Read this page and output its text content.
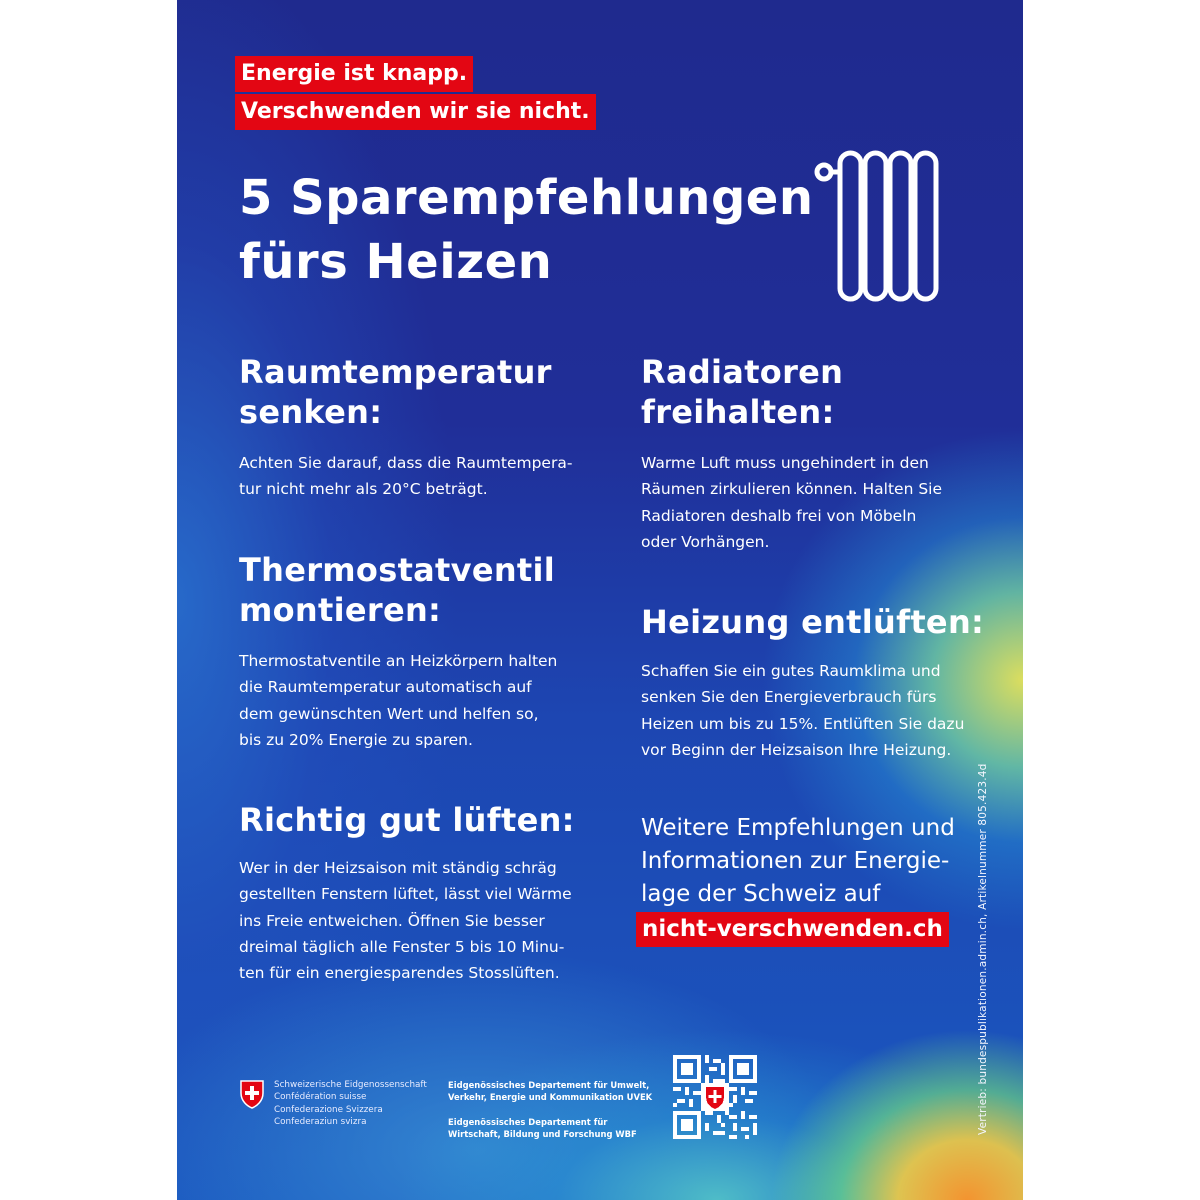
Energie ist knapp.
Verschwenden wir sie nicht.
5 Sparempfehlungen
fürs Heizen
Raumtemperatur
senken:

Achten Sie darauf, dass die Raumtempera-
tur nicht mehr als 20°C beträgt.

Radiatoren
freihalten:

Warme Luft muss ungehindert in den
Räumen zirkulieren können. Halten Sie
Radiatoren deshalb frei von Möbeln
oder Vorhängen.

Thermostatventil
montieren:

Thermostatventile an Heizkörpern halten
die Raumtemperatur automatisch auf
dem gewünschten Wert und helfen so,
bis zu 20% Energie zu sparen.

Heizung entlüften:

Schaffen Sie ein gutes Raumklima und
senken Sie den Energieverbrauch fürs
Heizen um bis zu 15%. Entlüften Sie dazu
vor Beginn der Heizsaison Ihre Heizung.

Richtig gut lüften:

Wer in der Heizsaison mit ständig schräg
gestellten Fenstern lüftet, lässt viel Wärme
ins Freie entweichen. Öffnen Sie besser
dreimal täglich alle Fenster 5 bis 10 Minu-
ten für ein energiesparendes Stosslüften.

Weitere Empfehlungen und
Informationen zur Energie-
lage der Schweiz auf
nicht-verschwenden.ch
Schweizerische Eidgenossenschaft
Confédération suisse
Confederazione Svizzera
Confederaziun svizra
Eidgenössisches Departement für Umwelt,
Verkehr, Energie und Kommunikation UVEK
Eidgenössisches Departement für
Wirtschaft, Bildung und Forschung WBF	Vertrieb: bundespublikationen.admin.ch, Artikelnummer 805.423.4d
